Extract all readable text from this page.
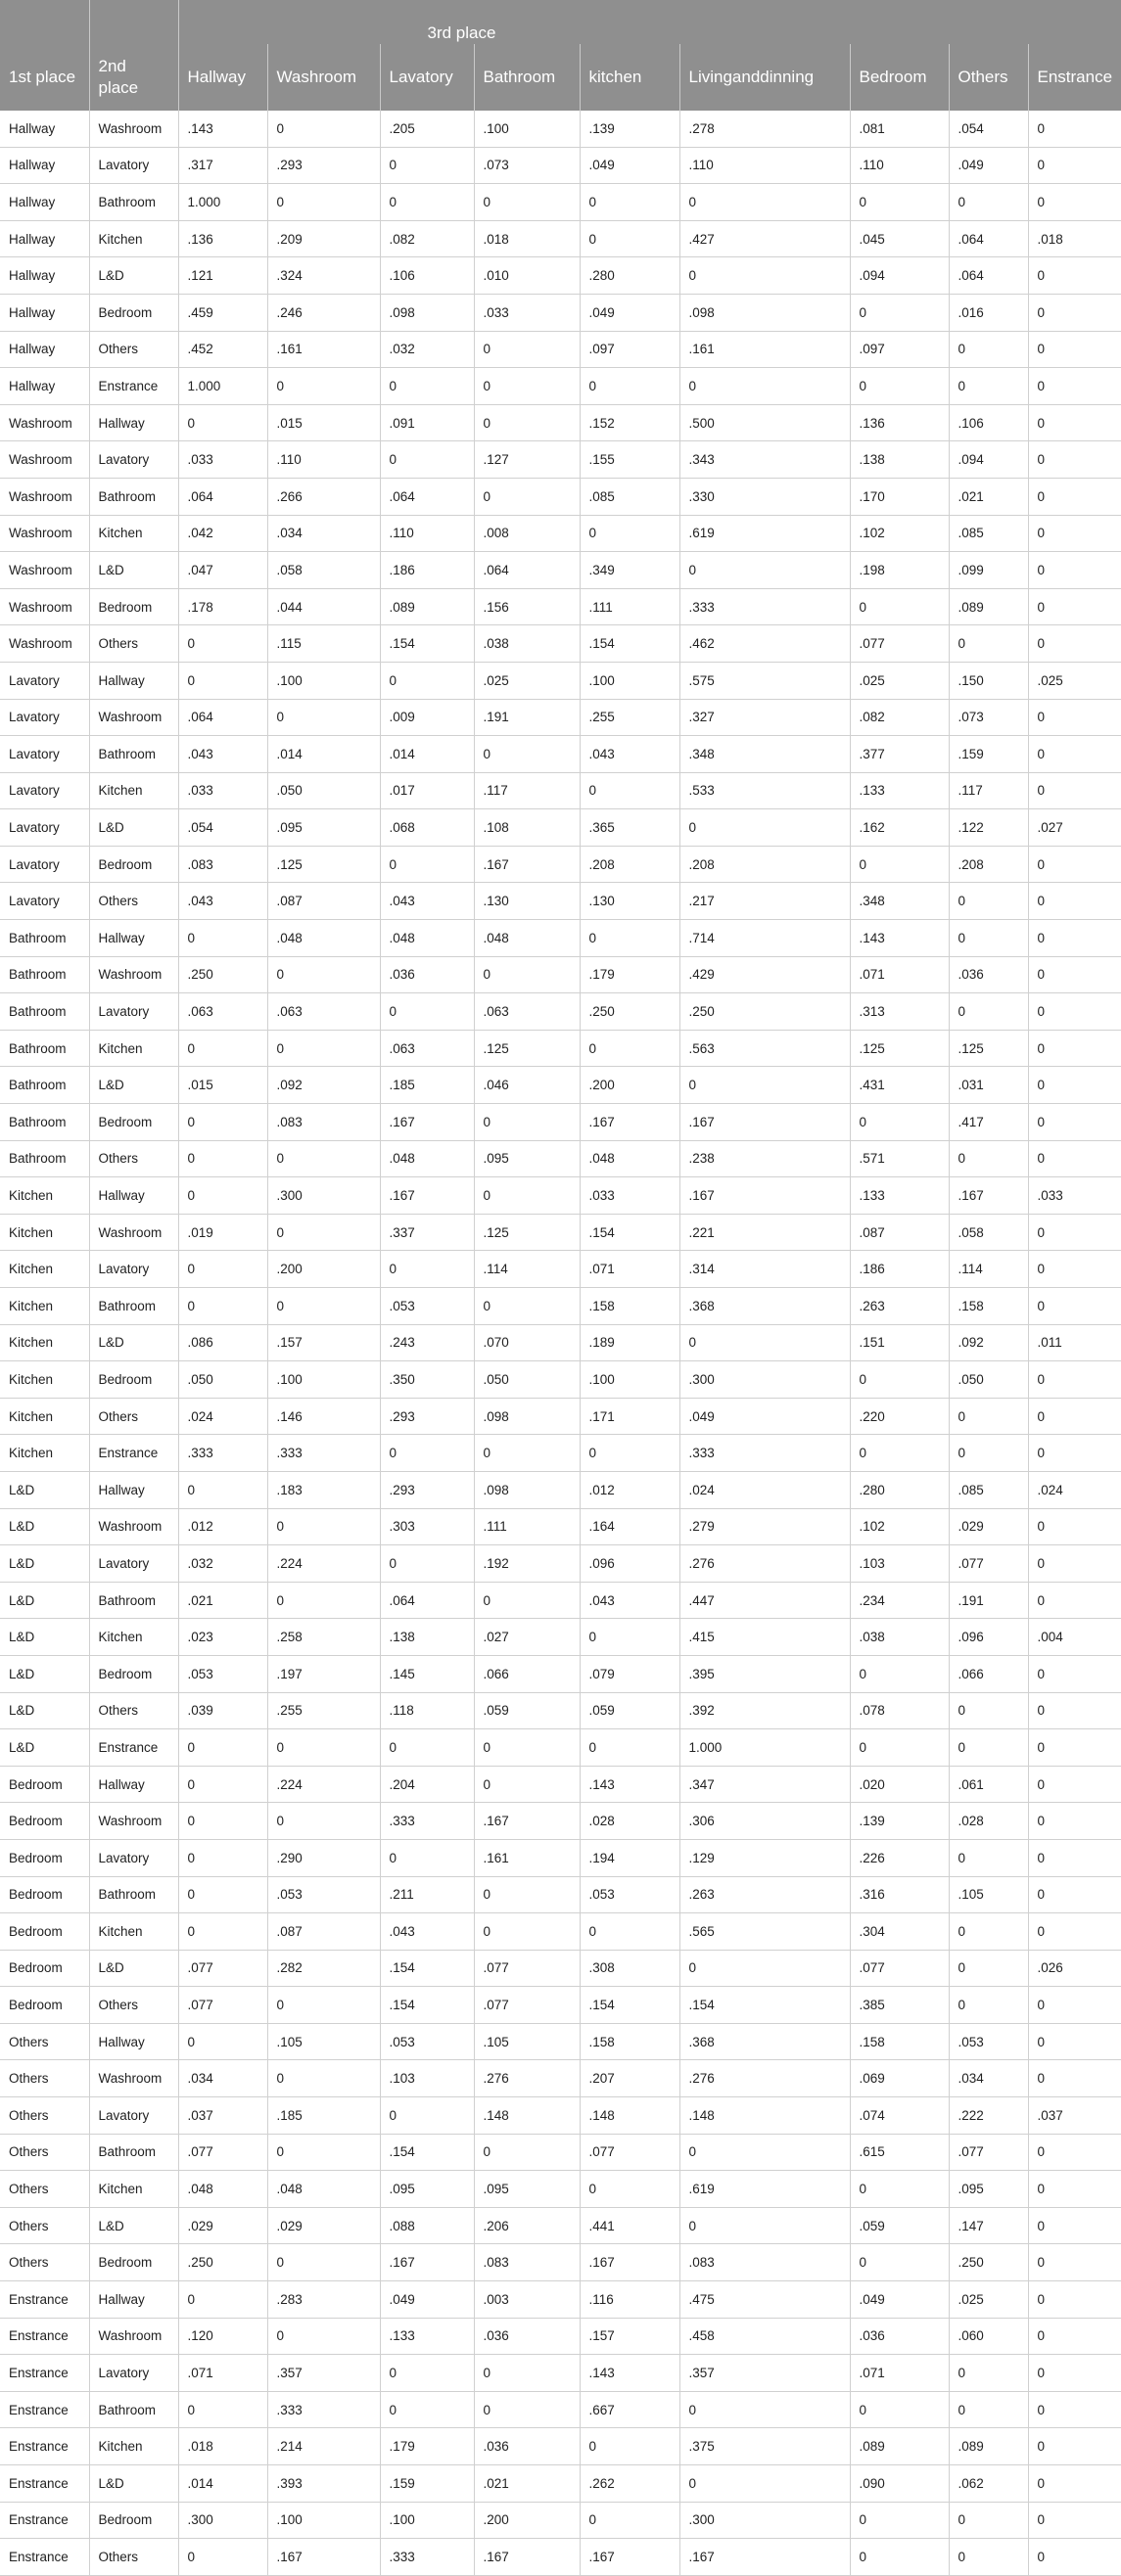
		3rd place								
1st place	2nd place	Hallway	Washroom	Lavatory	Bathroom	kitchen	Livinganddinning	Bedroom	Others	Enstrance
Hallway	Washroom	.143	0	.205	.100	.139	.278	.081	.054	0
Hallway	Lavatory	.317	.293	0	.073	.049	.110	.110	.049	0
Hallway	Bathroom	1.000	0	0	0	0	0	0	0	0
Hallway	Kitchen	.136	.209	.082	.018	0	.427	.045	.064	.018
Hallway	L&D	.121	.324	.106	.010	.280	0	.094	.064	0
Hallway	Bedroom	.459	.246	.098	.033	.049	.098	0	.016	0
Hallway	Others	.452	.161	.032	0	.097	.161	.097	0	0
Hallway	Enstrance	1.000	0	0	0	0	0	0	0	0
Washroom	Hallway	0	.015	.091	0	.152	.500	.136	.106	0
Washroom	Lavatory	.033	.110	0	.127	.155	.343	.138	.094	0
Washroom	Bathroom	.064	.266	.064	0	.085	.330	.170	.021	0
Washroom	Kitchen	.042	.034	.110	.008	0	.619	.102	.085	0
Washroom	L&D	.047	.058	.186	.064	.349	0	.198	.099	0
Washroom	Bedroom	.178	.044	.089	.156	.111	.333	0	.089	0
Washroom	Others	0	.115	.154	.038	.154	.462	.077	0	0
Lavatory	Hallway	0	.100	0	.025	.100	.575	.025	.150	.025
Lavatory	Washroom	.064	0	.009	.191	.255	.327	.082	.073	0
Lavatory	Bathroom	.043	.014	.014	0	.043	.348	.377	.159	0
Lavatory	Kitchen	.033	.050	.017	.117	0	.533	.133	.117	0
Lavatory	L&D	.054	.095	.068	.108	.365	0	.162	.122	.027
Lavatory	Bedroom	.083	.125	0	.167	.208	.208	0	.208	0
Lavatory	Others	.043	.087	.043	.130	.130	.217	.348	0	0
Bathroom	Hallway	0	.048	.048	.048	0	.714	.143	0	0
Bathroom	Washroom	.250	0	.036	0	.179	.429	.071	.036	0
Bathroom	Lavatory	.063	.063	0	.063	.250	.250	.313	0	0
Bathroom	Kitchen	0	0	.063	.125	0	.563	.125	.125	0
Bathroom	L&D	.015	.092	.185	.046	.200	0	.431	.031	0
Bathroom	Bedroom	0	.083	.167	0	.167	.167	0	.417	0
Bathroom	Others	0	0	.048	.095	.048	.238	.571	0	0
Kitchen	Hallway	0	.300	.167	0	.033	.167	.133	.167	.033
Kitchen	Washroom	.019	0	.337	.125	.154	.221	.087	.058	0
Kitchen	Lavatory	0	.200	0	.114	.071	.314	.186	.114	0
Kitchen	Bathroom	0	0	.053	0	.158	.368	.263	.158	0
Kitchen	L&D	.086	.157	.243	.070	.189	0	.151	.092	.011
Kitchen	Bedroom	.050	.100	.350	.050	.100	.300	0	.050	0
Kitchen	Others	.024	.146	.293	.098	.171	.049	.220	0	0
Kitchen	Enstrance	.333	.333	0	0	0	.333	0	0	0
L&D	Hallway	0	.183	.293	.098	.012	.024	.280	.085	.024
L&D	Washroom	.012	0	.303	.111	.164	.279	.102	.029	0
L&D	Lavatory	.032	.224	0	.192	.096	.276	.103	.077	0
L&D	Bathroom	.021	0	.064	0	.043	.447	.234	.191	0
L&D	Kitchen	.023	.258	.138	.027	0	.415	.038	.096	.004
L&D	Bedroom	.053	.197	.145	.066	.079	.395	0	.066	0
L&D	Others	.039	.255	.118	.059	.059	.392	.078	0	0
L&D	Enstrance	0	0	0	0	0	1.000	0	0	0
Bedroom	Hallway	0	.224	.204	0	.143	.347	.020	.061	0
Bedroom	Washroom	0	0	.333	.167	.028	.306	.139	.028	0
Bedroom	Lavatory	0	.290	0	.161	.194	.129	.226	0	0
Bedroom	Bathroom	0	.053	.211	0	.053	.263	.316	.105	0
Bedroom	Kitchen	0	.087	.043	0	0	.565	.304	0	0
Bedroom	L&D	.077	.282	.154	.077	.308	0	.077	0	.026
Bedroom	Others	.077	0	.154	.077	.154	.154	.385	0	0
Others	Hallway	0	.105	.053	.105	.158	.368	.158	.053	0
Others	Washroom	.034	0	.103	.276	.207	.276	.069	.034	0
Others	Lavatory	.037	.185	0	.148	.148	.148	.074	.222	.037
Others	Bathroom	.077	0	.154	0	.077	0	.615	.077	0
Others	Kitchen	.048	.048	.095	.095	0	.619	0	.095	0
Others	L&D	.029	.029	.088	.206	.441	0	.059	.147	0
Others	Bedroom	.250	0	.167	.083	.167	.083	0	.250	0
Enstrance	Hallway	0	.283	.049	.003	.116	.475	.049	.025	0
Enstrance	Washroom	.120	0	.133	.036	.157	.458	.036	.060	0
Enstrance	Lavatory	.071	.357	0	0	.143	.357	.071	0	0
Enstrance	Bathroom	0	.333	0	0	.667	0	0	0	0
Enstrance	Kitchen	.018	.214	.179	.036	0	.375	.089	.089	0
Enstrance	L&D	.014	.393	.159	.021	.262	0	.090	.062	0
Enstrance	Bedroom	.300	.100	.100	.200	0	.300	0	0	0
Enstrance	Others	0	.167	.333	.167	.167	.167	0	0	0
